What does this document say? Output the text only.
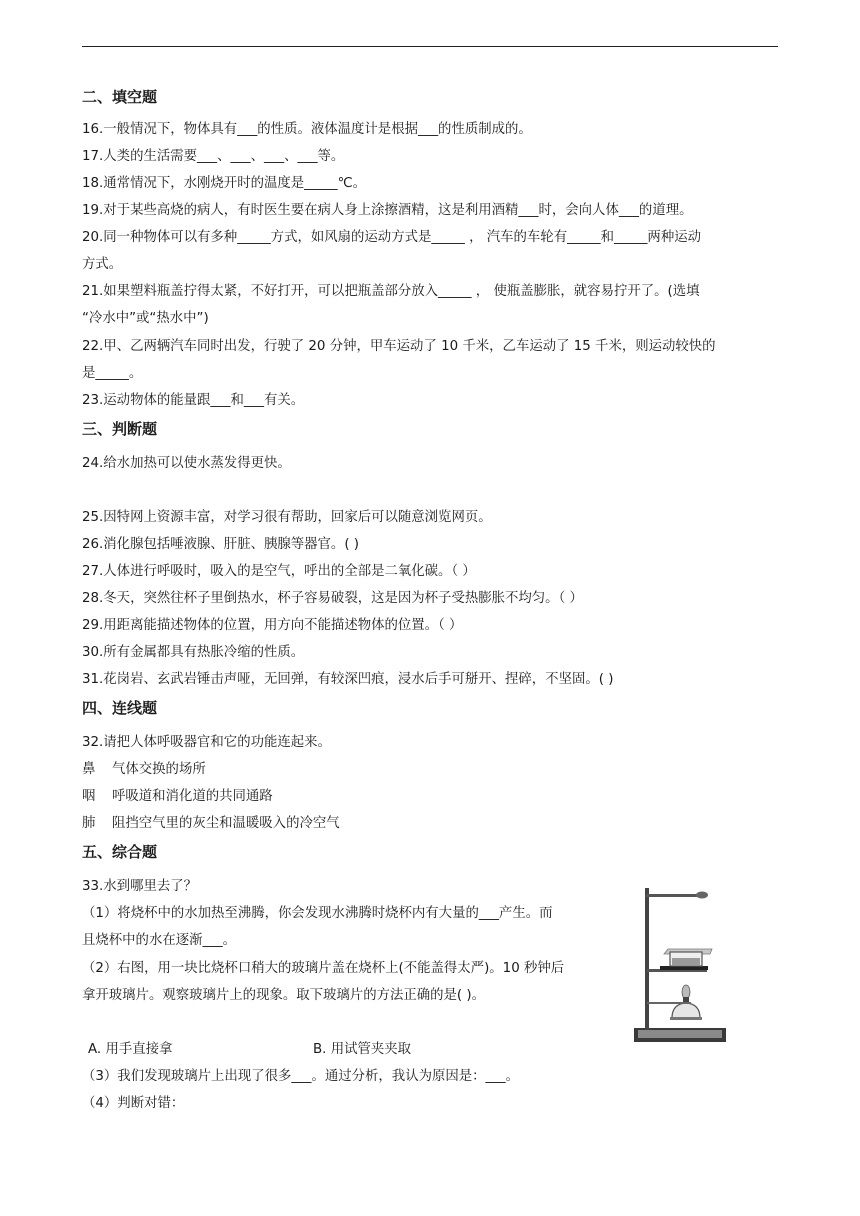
二、填空题
16.一般情况下，物体具有___的性质。液体温度计是根据___的性质制成的。
17.人类的生活需要___、___、___、___等。
18.通常情况下，水刚烧开时的温度是_____℃。
19.对于某些高烧的病人，有时医生要在病人身上涂擦酒精，这是利用酒精___时，会向人体___的道理。
20.同一种物体可以有多种_____方式，如风扇的运动方式是_____ ， 汽车的车轮有_____和_____两种运动
方式。
21.如果塑料瓶盖拧得太紧，不好打开，可以把瓶盖部分放入_____ ， 使瓶盖膨胀，就容易拧开了。(选填
“冷水中”或“热水中”)
22.甲、乙两辆汽车同时出发，行驶了 20 分钟，甲车运动了 10 千米，乙车运动了 15 千米，则运动较快的
是_____。
23.运动物体的能量跟___和___有关。
三、判断题
24.给水加热可以使水蒸发得更快。
25.因特网上资源丰富，对学习很有帮助，回家后可以随意浏览网页。
26.消化腺包括唾液腺、肝脏、胰腺等器官。( )
27.人体进行呼吸时，吸入的是空气，呼出的全部是二氧化碳。（ ）
28.冬天，突然往杯子里倒热水，杯子容易破裂，这是因为杯子受热膨胀不均匀。（ ）
29.用距离能描述物体的位置，用方向不能描述物体的位置。（ ）
30.所有金属都具有热胀冷缩的性质。
31.花岗岩、玄武岩锤击声哑，无回弹，有较深凹痕，浸水后手可掰开、捏碎，不坚固。( )
四、连线题
32.请把人体呼吸器官和它的功能连起来。
鼻 气体交换的场所
咽 呼吸道和消化道的共同通路
肺 阻挡空气里的灰尘和温暖吸入的冷空气
五、综合题
33.水到哪里去了？
（1）将烧杯中的水加热至沸腾，你会发现水沸腾时烧杯内有大量的___产生。而
且烧杯中的水在逐渐___。
（2）右图，用一块比烧杯口稍大的玻璃片盖在烧杯上(不能盖得太严)。10 秒钟后
拿开玻璃片。观察玻璃片上的现象。取下玻璃片的方法正确的是( )。
A. 用手直接拿	B. 用试管夹夹取
（3）我们发现玻璃片上出现了很多___。通过分析，我认为原因是：___。
（4）判断对错：
